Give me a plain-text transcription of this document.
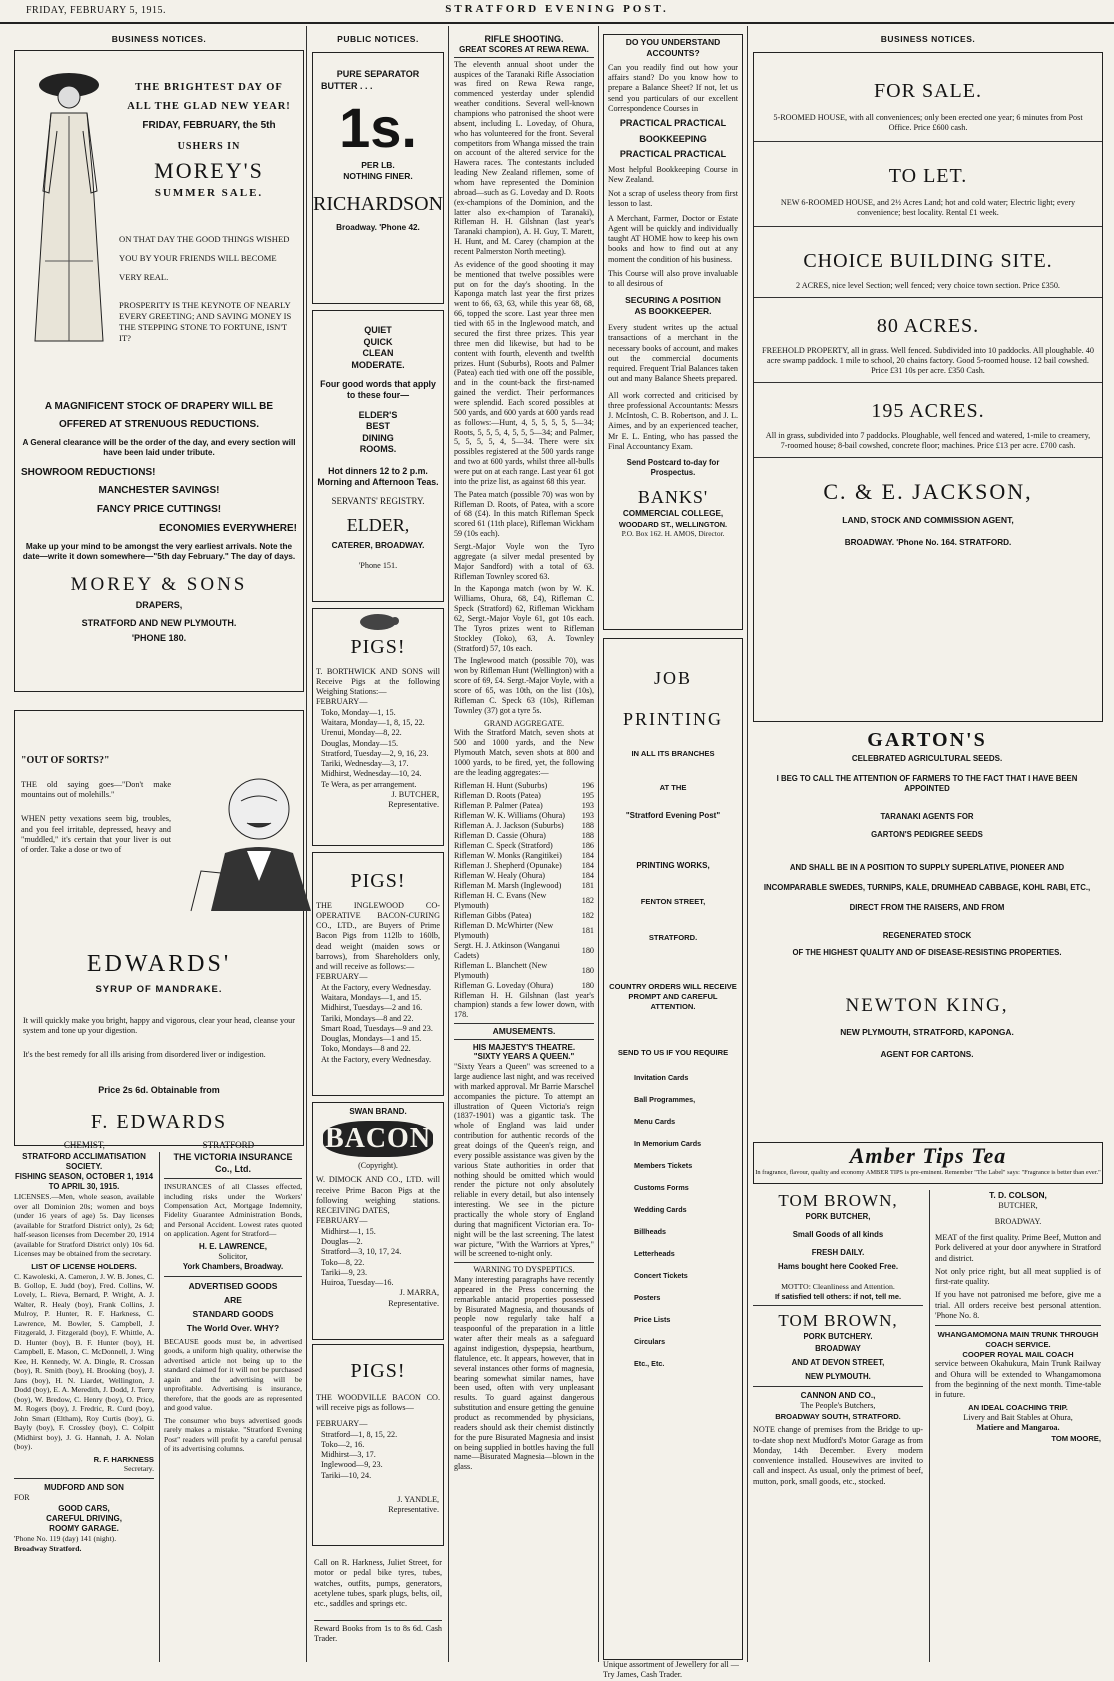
FRIDAY, FEBRUARY 5, 1915.	STRATFORD EVENING POST.
BUSINESS NOTICES.
THE BRIGHTEST DAY OF
ALL THE GLAD NEW YEAR!
FRIDAY, FEBRUARY, the 5th
USHERS IN
MOREY'S
SUMMER SALE.
ON THAT DAY THE GOOD THINGS WISHED YOU BY YOUR FRIENDS WILL BECOME VERY REAL.
PROSPERITY IS THE KEYNOTE OF NEARLY EVERY GREETING; AND SAVING MONEY IS THE STEPPING STONE TO FORTUNE, ISN'T IT?
A MAGNIFICENT STOCK OF DRAPERY WILL BE
OFFERED AT STRENUOUS REDUCTIONS.
A General clearance will be the order of the day, and every section will have been laid under tribute.
SHOWROOM REDUCTIONS!
MANCHESTER SAVINGS!
FANCY PRICE CUTTINGS!
ECONOMIES EVERYWHERE!
Make up your mind to be amongst the very earliest arrivals. Note the date—write it down somewhere—"5th day February." The day of days.
MOREY & SONS
DRAPERS,
STRATFORD AND NEW PLYMOUTH.
'PHONE 180.
"OUT OF SORTS?"

THE old saying goes—"Don't make mountains out of molehills."

WHEN petty vexations seem big, troubles, and you feel irritable, depressed, heavy and "muddled," it's certain that your liver is out of order. Take a dose or two of

EDWARDS'
SYRUP OF MANDRAKE.

It will quickly make you bright, happy and vigorous, clear your head, cleanse your system and tone up your digestion.

It's the best remedy for all ills arising from disordered liver or indigestion.

Price 2s 6d. Obtainable from
F. EDWARDS
CHEMIST,	STRATFORD
STRATFORD ACCLIMATISATION SOCIETY.
FISHING SEASON, OCTOBER 1, 1914 TO APRIL 30, 1915.

LICENSES.—Men, whole season, available over all Dominion 20s; women and boys (under 16 years of age) 5s. Day licenses (available for Stratford District only), 2s 6d; half-season licenses from December 20, 1914 (available for Stratford District only) 10s 6d. Licenses may be obtained from the secretary.

LIST OF LICENSE HOLDERS.

C. Kawoleski, A. Cameron, J. W. B. Jones, C. B. Gollop, E. Judd (boy), Fred. Collins, W. Lovely, L. Rieva, Bernard, P. Wright, A. J. Walter, R. Healy (boy), Frank Collins, J. Mulroy, P. Hunter, R. F. Harkness, C. Lawrence, M. Bowler, S. Campbell, J. Fitzgerald, J. Fitzgerald (boy), F. Whittle, A. D. Hunter (boy), B. F. Hunter (boy), H. Campbell, E. Mason, C. McDonnell, J. Wing Kee, H. Kennedy, W. A. Dingle, R. Crossan (boy), R. Smith (boy), H. Brooking (boy), J. Jans (boy), H. N. Liardet, Wellington, J. Dodd (boy), E. A. Meredith, J. Dodd, J. Terry (boy), W. Bredow, C. Henry (boy), O. Price, M. Rogers (boy), J. Fredric, R. Curd (boy), John Smart (Eltham), Roy Curtis (boy), G. Bayly (boy), F. Crossley (boy), C. Colpitt (Midhirst boy), J. G. Hannah, J. A. Nolan (boy).

R. F. HARKNESS
Secretary.
MUDFORD AND SON
FOR
GOOD CARS,
CAREFUL DRIVING,
ROOMY GARAGE.
'Phone No. 119 (day) 141 (night).
Broadway Stratford.
THE VICTORIA INSURANCE Co., Ltd.

INSURANCES of all Classes effected, including risks under the Workers' Compensation Act, Mortgage Indemnity, Fidelity Guarantee Administration Bonds, and Personal Accident. Lowest rates quoted on application. Agent for Stratford—

H. E. LAWRENCE,
Solicitor,
York Chambers, Broadway.
ADVERTISED GOODS
ARE
STANDARD GOODS
The World Over. WHY?

BECAUSE goods must be, in advertised goods, a uniform high quality, otherwise the advertised article not being up to the standard claimed for it will not be purchased again and the advertising will be unprofitable. Advertising is insurance, therefore, that the goods are as represented and good value.

The consumer who buys advertised goods rarely makes a mistake. "Stratford Evening Post" readers will profit by a careful perusal of its advertising columns.

PUBLIC NOTICES.
PURE SEPARATOR
BUTTER . . .
1s.
PER LB.
NOTHING FINER.
RICHARDSON
Broadway. 'Phone 42.
QUIET
QUICK
CLEAN
MODERATE.
Four good words that apply to these four—
ELDER'S
BEST
DINING
ROOMS.
Hot dinners 12 to 2 p.m. Morning and Afternoon Teas.
SERVANTS' REGISTRY.
ELDER,
CATERER, BROADWAY.
'Phone 151.
PIGS!

T. BORTHWICK AND SONS will Receive Pigs at the following Weighing Stations:—

FEBRUARY—
Toko, Monday—1, 15.
Waitara, Monday—1, 8, 15, 22.
Urenui, Monday—8, 22.
Douglas, Monday—15.
Stratford, Tuesday—2, 9, 16, 23.
Tariki, Wednesday—3, 17.
Midhirst, Wednesday—10, 24.
Te Wera, as per arrangement.
J. BUTCHER,
Representative.
PIGS!

THE INGLEWOOD CO-OPERATIVE BACON-CURING CO., LTD., are Buyers of Prime Bacon Pigs from 112lb to 160lb, dead weight (maiden sows or barrows), from Shareholders only, and will receive as follows:—

FEBRUARY—
At the Factory, every Wednesday.
Waitara, Mondays—1, and 15.
Midhirst, Tuesdays—2 and 16.
Tariki, Mondays—8 and 22.
Smart Road, Tuesdays—9 and 23.
Douglas, Mondays—1 and 15.
Toko, Mondays—8 and 22.
At the Factory, every Wednesday.
SWAN BRAND.
BACON
(Copyright).

W. DIMOCK AND CO., LTD. will receive Prime Bacon Pigs at the following weighing stations. RECEIVING DATES,

FEBRUARY—
Midhirst—1, 15.
Douglas—2.
Stratford—3, 10, 17, 24.
Toko—8, 22.
Tariki—9, 23.
Huiroa, Tuesday—16.
J. MARRA,
Representative.
PIGS!

THE WOODVILLE BACON CO. will receive pigs as follows—

FEBRUARY—
Stratford—1, 8, 15, 22.
Toko—2, 16.
Midhirst—3, 17.
Inglewood—9, 23.
Tariki—10, 24.
J. YANDLE,
Representative.

Call on R. Harkness, Juliet Street, for motor or pedal bike tyres, tubes, watches, outfits, pumps, generators, acetylene tubes, spark plugs, belts, oil, etc., saddles and springs etc.

Reward Books from 1s to 8s 6d. Cash Trader.

RIFLE SHOOTING.
GREAT SCORES AT REWA REWA.

The eleventh annual shoot under the auspices of the Taranaki Rifle Association was fired on Rewa Rewa range, commenced yesterday under splendid weather conditions. Several well-known champions who patronised the shoot were absent, including L. Loveday, of Ohura, who has volunteered for the front. Several competitors from Whanga missed the train on account of the altered service for the Hawera races. The contestants included leading New Zealand riflemen, some of whom have represented the Dominion abroad—such as G. Loveday and D. Roots (ex-champions of the Dominion, and the latter also ex-champion of Taranaki), Rifleman H. H. Gilshnan (last year's Taranaki champion), A. H. Guy, T. Marett, H. Hunt, and M. Carey (champion at the recent Palmerston North meeting).

As evidence of the good shooting it may be mentioned that twelve possibles were put on for the day's shooting. In the Kaponga match last year the first prizes went to 66, 63, 63, while this year 68, 68, 66, topped the score. Last year three men tied with 65 in the Inglewood match, and secured the first three prizes. This year three men did likewise, but had to be content with fourth, eleventh and twelfth prizes. Hunt (Suburbs), Roots and Palmer (Patea) each tied with one off the possible, and in the count-back the first-named gained the verdict. Their performances were splendid. Each scored possibles at 500 yards, and 600 yards at 600 yards read as follows:—Hunt, 4, 5, 5, 5, 5, 5—34; Roots, 5, 5, 5, 4, 5, 5, 5—34; and Palmer, 5, 5, 5, 5, 4, 5—34. There were six possibles registered at the 500 yards range and two at 600 yards, whilst three all-bulls were put on at each range. Last year 61 got into the prize list, as against 68 this year.

The Patea match (possible 70) was won by Rifleman D. Roots, of Patea, with a score of 68 (£4). In this match Rifleman Speck scored 61 (11th place), Rifleman Wickham 59 (10s each).

Sergt.-Major Voyle won the Tyro aggregate (a silver medal presented by Major Sandford) with a total of 63. Rifleman Townley scored 63.

In the Kaponga match (won by W. K. Williams, Ohura, 68, £4), Rifleman C. Speck (Stratford) 62, Rifleman Wickham 62, Sergt.-Major Voyle 61, got 10s each. The Tyros prizes went to Rifleman Stockley (Toko), 63, A. Townley (Stratford) 57, 10s each.

The Inglewood match (possible 70), was won by Rifleman Hunt (Wellington) with a score of 69, £4. Sergt.-Major Voyle, with a score of 65, was 10th, on the list (10s), Rifleman C. Speck 63 (10s), Rifleman Townley (37) got a tyre 5s.

GRAND AGGREGATE.

With the Stratford Match, seven shots at 500 and 1000 yards, and the New Plymouth Match, seven shots at 800 and 1000 yards, to be fired, yet, the following are the leading aggregates:—

Rifleman H. Hunt (Suburbs)	196
Rifleman D. Roots (Patea)	195
Rifleman P. Palmer (Patea)	193
Rifleman W. K. Williams (Ohura)	193
Rifleman A. J. Jackson (Suburbs)	188
Rifleman D. Cassie (Ohura)	188
Rifleman C. Speck (Stratford)	186
Rifleman W. Monks (Rangitikei)	184
Rifleman J. Shepherd (Opunake)	184
Rifleman W. Healy (Ohura)	184
Rifleman M. Marsh (Inglewood)	181
Rifleman H. C. Evans (New Plymouth)	182
Rifleman Gibbs (Patea)	182
Rifleman D. McWhirter (New Plymouth)	181
Sergt. H. J. Atkinson (Wanganui Cadets)	180
Rifleman L. Blanchett (New Plymouth)	180
Rifleman G. Loveday (Ohura)	180

Rifleman H. H. Gilshnan (last year's champion) stands a few lower down, with 178.

AMUSEMENTS.
HIS MAJESTY'S THEATRE.
"SIXTY YEARS A QUEEN."

"Sixty Years a Queen" was screened to a large audience last night, and was received with marked approval. Mr Barrie Marschel accompanies the picture. To attempt an illustration of Queen Victoria's reign (1837-1901) was a gigantic task. The whole of England was laid under contribution for authentic records of the great doings of the Queen's reign, and every possible assistance was given by the various State authorities in order that nothing should be omitted which would render the picture not only absolutely reliable in every detail, but also intensely interesting. We see in the picture practically the whole story of England during that magnificent Victorian era. To-night will be the last screening. The latest war picture, "With the Warriors at Ypres," will be screened to-night only.

WARNING TO DYSPEPTICS.

Many interesting paragraphs have recently appeared in the Press concerning the remarkable antacid properties possessed by Bisurated Magnesia, and thousands of people now regularly take half a teaspoonful of the preparation in a little water after their meals as a safeguard against indigestion, dyspepsia, heartburn, flatulence, etc. It appears, however, that in several instances other forms of magnesia, bearing somewhat similar names, have been used, often with very unpleasant results. To guard against dangerous substitution and ensure getting the genuine product as recommended by physicians, readers should ask their chemist distinctly for the pure Bisurated Magnesia and insist on being supplied in bottles having the full name—Bisurated Magnesia—blown in the glass.

DO YOU UNDERSTAND ACCOUNTS?

Can you readily find out how your affairs stand? Do you know how to prepare a Balance Sheet? If not, let us send you particulars of our excellent Correspondence Courses in

PRACTICAL PRACTICAL
BOOKKEEPING
PRACTICAL PRACTICAL

Most helpful Bookkeeping Course in New Zealand.

Not a scrap of useless theory from first lesson to last.

A Merchant, Farmer, Doctor or Estate Agent will be quickly and individually taught AT HOME how to keep his own books and how to find out at any moment the condition of his business.

This Course will also prove invaluable to all desirous of

SECURING A POSITION
AS BOOKKEEPER.

Every student writes up the actual transactions of a merchant in the necessary books of account, and makes out the commercial documents required. Frequent Trial Balances taken out and many Balance Sheets prepared.

All work corrected and criticised by three professional Accountants: Messrs J. McIntosh, C. B. Robertson, and J. L. Aimes, and by an experienced teacher, Mr E. L. Enting, who has passed the Final Accountancy Exam.

Send Postcard to-day for Prospectus.
BANKS'
COMMERCIAL COLLEGE,
WOODARD ST., WELLINGTON.
P.O. Box 162. H. AMOS, Director.
JOB
PRINTING
IN ALL ITS BRANCHES
AT THE
"Stratford Evening Post"
PRINTING WORKS,
FENTON STREET,
STRATFORD.
COUNTRY ORDERS WILL RECEIVE PROMPT AND CAREFUL ATTENTION.
SEND TO US IF YOU REQUIRE
Invitation Cards
Ball Programmes,
Menu Cards
In Memorium Cards
Members Tickets
Customs Forms
Wedding Cards
Billheads
Letterheads
Concert Tickets
Posters
Price Lists
Circulars
Etc., Etc.
Unique assortment of Jewellery for all — Try James, Cash Trader.
BUSINESS NOTICES.
FOR SALE.

5-ROOMED HOUSE, with all conveniences; only been erected one year; 6 minutes from Post Office. Price £600 cash.

TO LET.

NEW 6-ROOMED HOUSE, and 2½ Acres Land; hot and cold water; Electric light; every convenience; best locality. Rental £1 week.

CHOICE BUILDING SITE.

2 ACRES, nice level Section; well fenced; very choice town section. Price £350.

80 ACRES.

FREEHOLD PROPERTY, all in grass. Well fenced. Subdivided into 10 paddocks. All ploughable. 40 acre swamp paddock. 1 mile to school, 20 chains factory. Good 5-roomed house. 12 bail cowshed. Price £31 10s per acre. £350 Cash.

195 ACRES.

All in grass, subdivided into 7 paddocks. Ploughable, well fenced and watered, 1-mile to creamery, 7-roomed house; 8-bail cowshed, concrete floor; machines. Price £13 per acre. £700 cash.

C. & E. JACKSON,
LAND, STOCK AND COMMISSION AGENT,
BROADWAY. 'Phone No. 164. STRATFORD.
GARTON'S
CELEBRATED AGRICULTURAL SEEDS.
I BEG TO CALL THE ATTENTION OF FARMERS TO THE FACT THAT I HAVE BEEN APPOINTED
TARANAKI AGENTS FOR
GARTON'S PEDIGREE SEEDS
AND SHALL BE IN A POSITION TO SUPPLY SUPERLATIVE, PIONEER AND INCOMPARABLE SWEDES, TURNIPS, KALE, DRUMHEAD CABBAGE, KOHL RABI, ETC., DIRECT FROM THE RAISERS, AND FROM
REGENERATED STOCK
OF THE HIGHEST QUALITY AND OF DISEASE-RESISTING PROPERTIES.
NEWTON KING,
NEW PLYMOUTH, STRATFORD, KAPONGA.
AGENT FOR CARTONS.
Amber Tips Tea
In fragrance, flavour, quality and economy AMBER TIPS is pre-eminent. Remember "The Label" says: "Fragrance is better than ever."
TOM BROWN,
PORK BUTCHER,
Small Goods of all kinds
FRESH DAILY.
Hams bought here Cooked Free.
MOTTO: Cleanliness and Attention.
If satisfied tell others: if not, tell me.
TOM BROWN,
PORK BUTCHERY.
BROADWAY
AND AT DEVON STREET,
NEW PLYMOUTH.
CANNON AND CO.,
The People's Butchers,
BROADWAY SOUTH, STRATFORD.

NOTE change of premises from the Bridge to up-to-date shop next Mudford's Motor Garage as from Monday, 14th December. Every modern convenience installed. Housewives are invited to call and inspect. As usual, only the primest of beef, mutton, pork, small goods, etc., stocked.

T. D. COLSON,
BUTCHER,
BROADWAY.

MEAT of the first quality. Prime Beef, Mutton and Pork delivered at your door anywhere in Stratford and district.

Not only price right, but all meat supplied is of first-rate quality.

If you have not patronised me before, give me a trial. All orders receive best personal attention. 'Phone No. 8.

WHANGAMOMONA MAIN TRUNK THROUGH COACH SERVICE.
COOPER ROYAL MAIL COACH

service between Okahukura, Main Trunk Railway and Ohura will be extended to Whangamomona from the beginning of the next month. Time-table in future.

AN IDEAL COACHING TRIP.
Livery and Bait Stables at Ohura,
Matiere and Mangaroa.
TOM MOORE,
